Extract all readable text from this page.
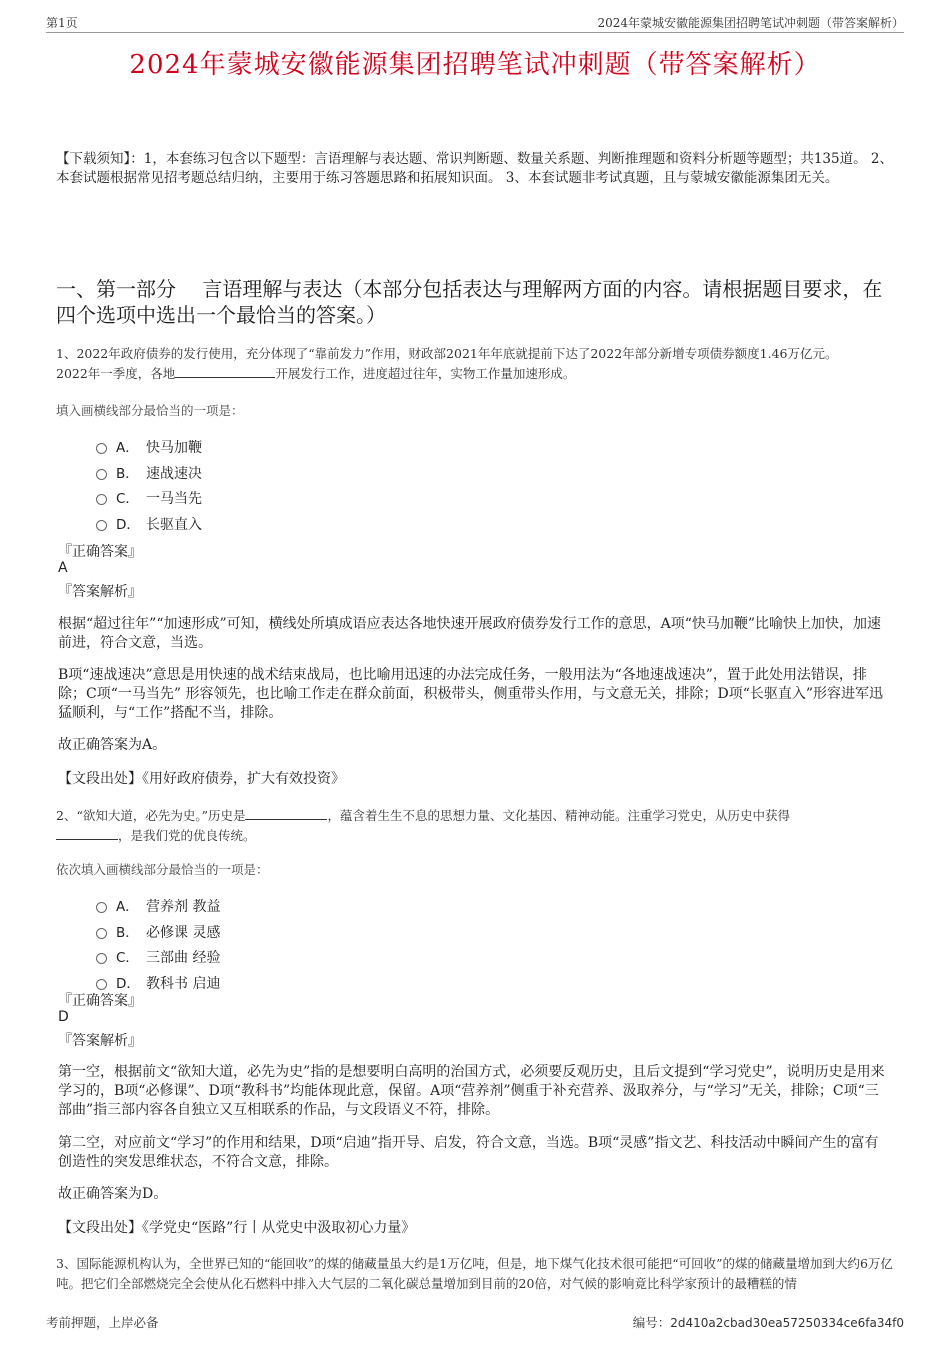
第1页	2024年蒙城安徽能源集团招聘笔试冲刺题（带答案解析）
2024年蒙城安徽能源集团招聘笔试冲刺题（带答案解析）
【下载须知】：1，本套练习包含以下题型：言语理解与表达题、常识判断题、数量关系题、判断推理题和资料分析题等题型；共135道。 2、本套试题根据常见招考题总结归纳，主要用于练习答题思路和拓展知识面。 3、本套试题非考试真题，且与蒙城安徽能源集团无关。
一、第一部分　 言语理解与表达（本部分包括表达与理解两方面的内容。请根据题目要求，在四个选项中选出一个最恰当的答案。）
1、2022年政府债券的发行使用，充分体现了“靠前发力”作用，财政部2021年年底就提前下达了2022年部分新增专项债券额度1.46万亿元。
2022年一季度，各地	开展发行工作，进度超过往年，实物工作量加速形成。
填入画横线部分最恰当的一项是：
A． 快马加鞭
B． 速战速决
C． 一马当先
D． 长驱直入
『正确答案』
A
『答案解析』
根据“超过往年”“加速形成”可知，横线处所填成语应表达各地快速开展政府债券发行工作的意思，A项“快马加鞭”比喻快上加快，加速前进，符合文意，当选。
B项“速战速决”意思是用快速的战术结束战局，也比喻用迅速的办法完成任务，一般用法为“各地速战速决”，置于此处用法错误，排除；C项“一马当先” 形容领先，也比喻工作走在群众前面，积极带头，侧重带头作用，与文意无关，排除；D项“长驱直入”形容进军迅猛顺利，与“工作”搭配不当，排除。
故正确答案为A。
【文段出处】《用好政府债券，扩大有效投资》
2、“欲知大道，必先为史。”历史是	，蕴含着生生不息的思想力量、文化基因、精神动能。注重学习党史，从历史中获得
，是我们党的优良传统。
依次填入画横线部分最恰当的一项是：
A． 营养剂 教益
B． 必修课 灵感
C． 三部曲 经验
D． 教科书 启迪
『正确答案』
D
『答案解析』
第一空，根据前文“欲知大道，必先为史”指的是想要明白高明的治国方式，必须要反观历史，且后文提到“学习党史”，说明历史是用来学习的，B项“必修课”、D项“教科书”均能体现此意，保留。A项“营养剂”侧重于补充营养、汲取养分，与“学习”无关，排除；C项“三部曲”指三部内容各自独立又互相联系的作品，与文段语义不符，排除。
第二空，对应前文“学习”的作用和结果，D项“启迪”指开导、启发，符合文意，当选。B项“灵感”指文艺、科技活动中瞬间产生的富有创造性的突发思维状态，不符合文意，排除。
故正确答案为D。
【文段出处】《学党史“医路”行丨从党史中汲取初心力量》
3、国际能源机构认为，全世界已知的“能回收”的煤的储藏量虽大约是1万亿吨，但是，地下煤气化技术很可能把“可回收”的煤的储藏量增加到大约6万亿吨。把它们全部燃烧完全会使从化石燃料中排入大气层的二氧化碳总量增加到目前的20倍，对气候的影响竟比科学家预计的最糟糕的情
考前押题，上岸必备	编号：2d410a2cbad30ea57250334ce6fa34f0
